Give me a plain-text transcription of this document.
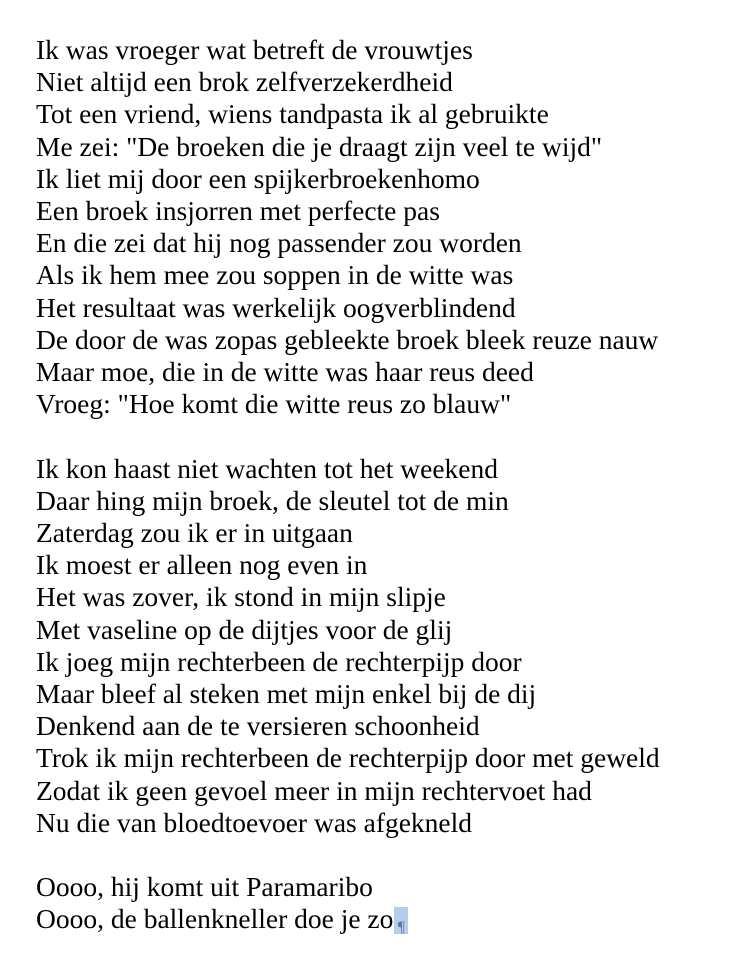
Ik was vroeger wat betreft de vrouwtjes
Niet altijd een brok zelfverzekerdheid
Tot een vriend, wiens tandpasta ik al gebruikte
Me zei: "De broeken die je draagt zijn veel te wijd"
Ik liet mij door een spijkerbroekenhomo
Een broek insjorren met perfecte pas
En die zei dat hij nog passender zou worden
Als ik hem mee zou soppen in de witte was
Het resultaat was werkelijk oogverblindend
De door de was zopas gebleekte broek bleek reuze nauw
Maar moe, die in de witte was haar reus deed
Vroeg: "Hoe komt die witte reus zo blauw"
Ik kon haast niet wachten tot het weekend
Daar hing mijn broek, de sleutel tot de min
Zaterdag zou ik er in uitgaan
Ik moest er alleen nog even in
Het was zover, ik stond in mijn slipje
Met vaseline op de dijtjes voor de glij
Ik joeg mijn rechterbeen de rechterpijp door
Maar bleef al steken met mijn enkel bij de dij
Denkend aan de te versieren schoonheid
Trok ik mijn rechterbeen de rechterpijp door met geweld
Zodat ik geen gevoel meer in mijn rechtervoet had
Nu die van bloedtoevoer was afgekneld
Oooo, hij komt uit Paramaribo
Oooo, de ballenkneller doe je zo ¶
